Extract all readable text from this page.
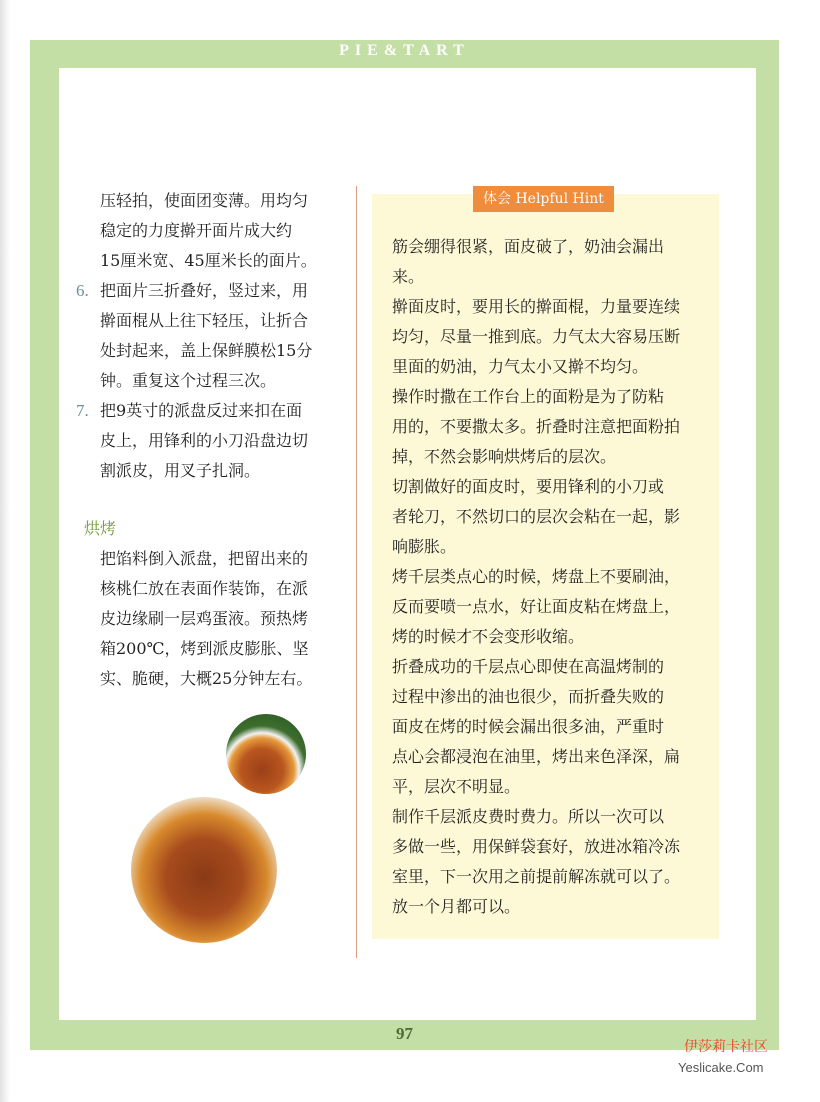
PIE&TART
97
压轻拍，使面团变薄。用均匀
稳定的力度擀开面片成大约
15厘米宽、45厘米长的面片。
6. 把面片三折叠好，竖过来，用
擀面棍从上往下轻压，让折合
处封起来，盖上保鲜膜松15分
钟。重复这个过程三次。
7. 把9英寸的派盘反过来扣在面
皮上，用锋利的小刀沿盘边切
割派皮，用叉子扎洞。
烘烤
把馅料倒入派盘，把留出来的
核桃仁放在表面作装饰，在派
皮边缘刷一层鸡蛋液。预热烤
箱200℃，烤到派皮膨胀、坚
实、脆硬，大概25分钟左右。
体会 Helpful Hint

筋会绷得很紧，面皮破了，奶油会漏出
来。

擀面皮时，要用长的擀面棍，力量要连续
均匀，尽量一推到底。力气太大容易压断
里面的奶油，力气太小又擀不均匀。

操作时撒在工作台上的面粉是为了防粘
用的，不要撒太多。折叠时注意把面粉拍
掉，不然会影响烘烤后的层次。

切割做好的面皮时，要用锋利的小刀或
者轮刀，不然切口的层次会粘在一起，影
响膨胀。

烤千层类点心的时候，烤盘上不要刷油，
反而要喷一点水，好让面皮粘在烤盘上，
烤的时候才不会变形收缩。

折叠成功的千层点心即使在高温烤制的
过程中渗出的油也很少，而折叠失败的
面皮在烤的时候会漏出很多油，严重时
点心会都浸泡在油里，烤出来色泽深，扁
平，层次不明显。

制作千层派皮费时费力。所以一次可以
多做一些，用保鲜袋套好，放进冰箱冷冻
室里，下一次用之前提前解冻就可以了。
放一个月都可以。

伊莎莉卡社区
Yeslicake.Com
